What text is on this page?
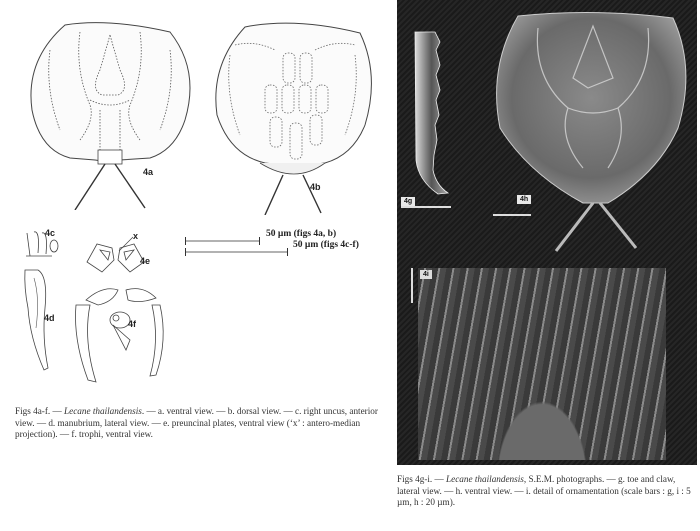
4a
4b
50 µm (figs 4a, b)
50 µm (figs 4c-f)
4c
4d
x
4e
4f
Figs 4a-f. — Lecane thailandensis. — a. ventral view. — b. dorsal view. — c. right uncus, anterior view. — d. manubrium, lateral view. — e. preuncinal plates, ventral view (‘x’ : antero-median projection). — f. trophi, ventral view.
4g	4h
4i
Figs 4g-i. — Lecane thailandensis, S.E.M. photographs. — g. toe and claw, lateral view. — h. ventral view. — i. detail of ornamentation (scale bars : g, i : 5 µm, h : 20 µm).
